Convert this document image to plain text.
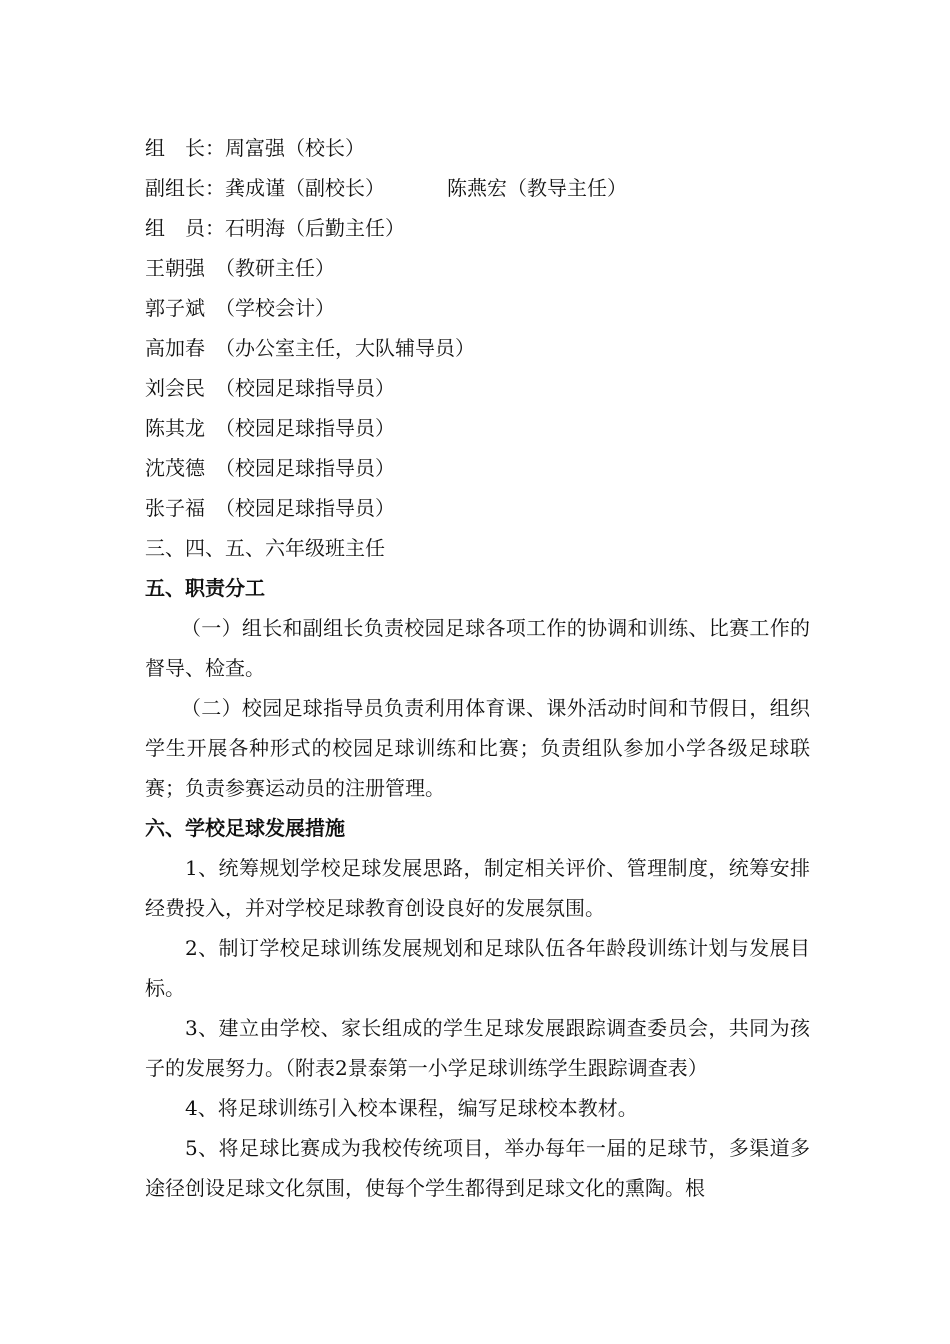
组　长：周富强（校长）
副组长：龚成谨（副校长）	陈燕宏（教导主任）
组　员：石明海（后勤主任）
王朝强　（教研主任）
郭子斌　（学校会计）
高加春　（办公室主任，大队辅导员）
刘会民　（校园足球指导员）
陈其龙　（校园足球指导员）
沈茂德　（校园足球指导员）
张子福　（校园足球指导员）
三、四、五、六年级班主任
五、职责分工
（一）组长和副组长负责校园足球各项工作的协调和训练、比赛工作的督导、检查。
（二）校园足球指导员负责利用体育课、课外活动时间和节假日，组织学生开展各种形式的校园足球训练和比赛；负责组队参加小学各级足球联赛；负责参赛运动员的注册管理。
六、学校足球发展措施
1、统筹规划学校足球发展思路，制定相关评价、管理制度，统筹安排经费投入，并对学校足球教育创设良好的发展氛围。
2、制订学校足球训练发展规划和足球队伍各年龄段训练计划与发展目标。
3、建立由学校、家长组成的学生足球发展跟踪调查委员会，共同为孩子的发展努力。（附表2景泰第一小学足球训练学生跟踪调查表）
4、将足球训练引入校本课程，编写足球校本教材。
5、将足球比赛成为我校传统项目，举办每年一届的足球节，多渠道多途径创设足球文化氛围，使每个学生都得到足球文化的熏陶。根
